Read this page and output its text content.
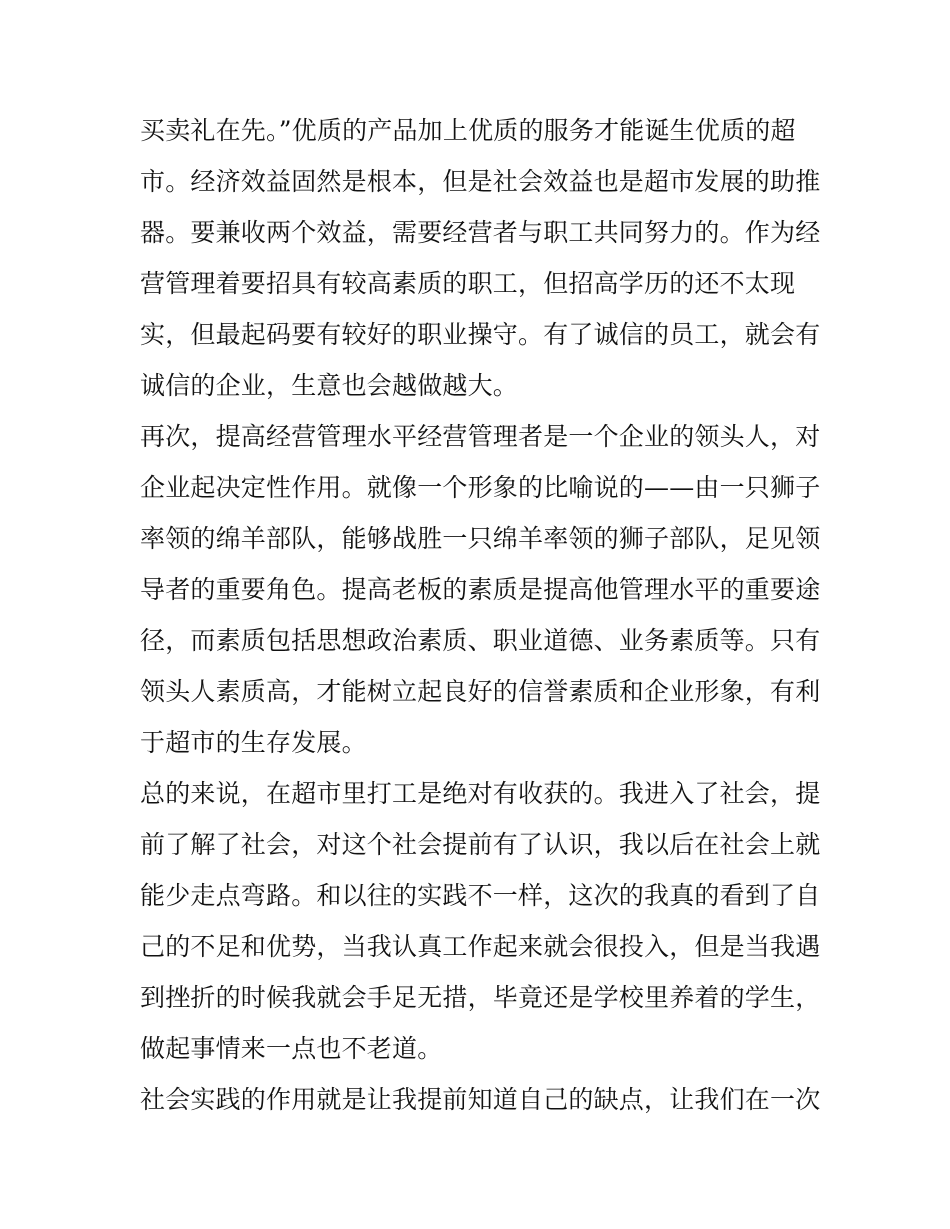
买卖礼在先。”优质的产品加上优质的服务才能诞生优质的超
市。经济效益固然是根本，但是社会效益也是超市发展的助推
器。要兼收两个效益，需要经营者与职工共同努力的。作为经
营管理着要招具有较高素质的职工，但招高学历的还不太现
实，但最起码要有较好的职业操守。有了诚信的员工，就会有
诚信的企业，生意也会越做越大。
再次，提高经营管理水平经营管理者是一个企业的领头人，对
企业起决定性作用。就像一个形象的比喻说的——由一只狮子
率领的绵羊部队，能够战胜一只绵羊率领的狮子部队，足见领
导者的重要角色。提高老板的素质是提高他管理水平的重要途
径，而素质包括思想政治素质、职业道德、业务素质等。只有
领头人素质高，才能树立起良好的信誉素质和企业形象，有利
于超市的生存发展。
总的来说，在超市里打工是绝对有收获的。我进入了社会，提
前了解了社会，对这个社会提前有了认识，我以后在社会上就
能少走点弯路。和以往的实践不一样，这次的我真的看到了自
己的不足和优势，当我认真工作起来就会很投入，但是当我遇
到挫折的时候我就会手足无措，毕竟还是学校里养着的学生，
做起事情来一点也不老道。
社会实践的作用就是让我提前知道自己的缺点，让我们在一次
